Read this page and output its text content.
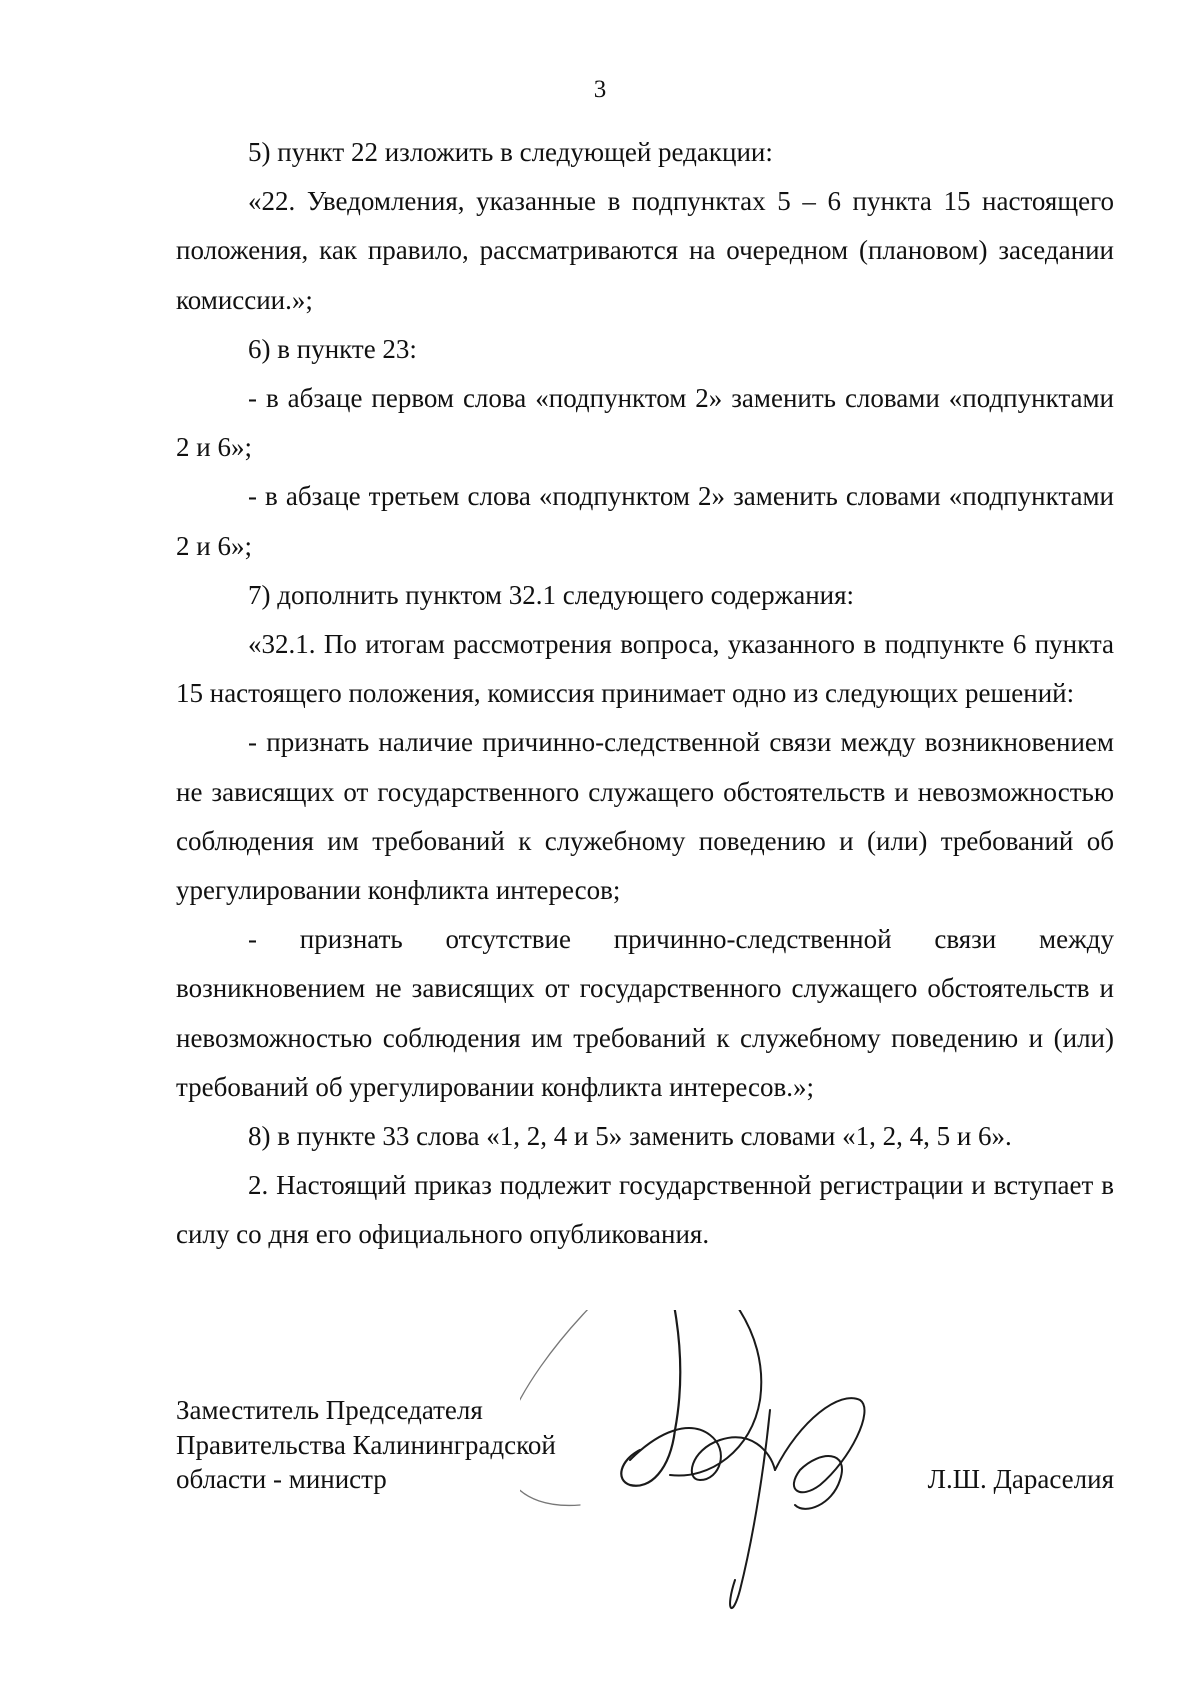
3

5) пункт 22 изложить в следующей редакции:

«22. Уведомления, указанные в подпунктах 5 – 6 пункта 15 настоящего положения, как правило, рассматриваются на очередном (плановом) заседании комиссии.»;

6) в пункте 23:

- в абзаце первом слова «подпунктом 2» заменить словами «подпунктами 2 и 6»;

- в абзаце третьем слова «подпунктом 2» заменить словами «подпунктами 2 и 6»;

7) дополнить пунктом 32.1 следующего содержания:

«32.1. По итогам рассмотрения вопроса, указанного в подпункте 6 пункта 15 настоящего положения, комиссия принимает одно из следующих решений:

- признать наличие причинно-следственной связи между возникновением не зависящих от государственного служащего обстоятельств и невозможностью соблюдения им требований к служебному поведению и (или) требований об урегулировании конфликта интересов;

- признать отсутствие причинно-следственной связи между возникновением не зависящих от государственного служащего обстоятельств и невозможностью соблюдения им требований к служебному поведению и (или) требований об урегулировании конфликта интересов.»;

8) в пункте 33 слова «1, 2, 4 и 5» заменить словами «1, 2, 4, 5 и 6».

2. Настоящий приказ подлежит государственной регистрации и вступает в силу со дня его официального опубликования.

Заместитель Председателя
Правительства Калининградской
области - министр	Л.Ш. Дараселия
